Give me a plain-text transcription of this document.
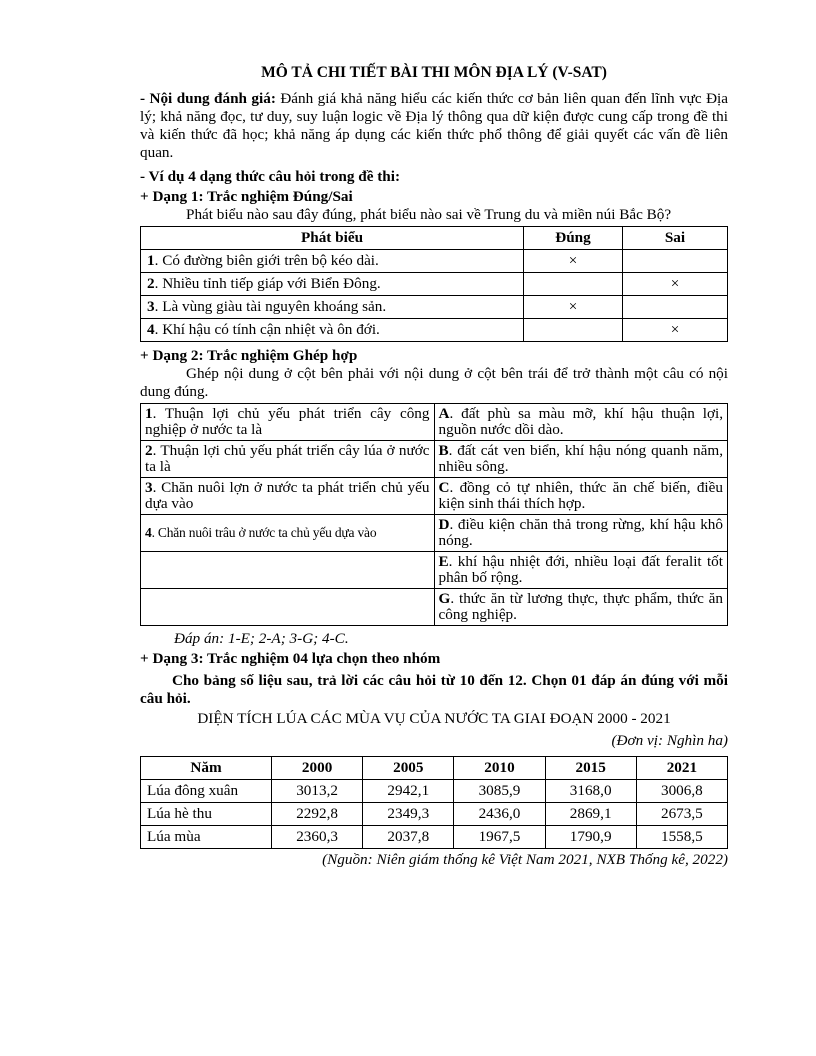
MÔ TẢ CHI TIẾT BÀI THI MÔN ĐỊA LÝ (V-SAT)

- Nội dung đánh giá: Đánh giá khả năng hiểu các kiến thức cơ bản liên quan đến lĩnh vực Địa lý; khả năng đọc, tư duy, suy luận logic về Địa lý thông qua dữ kiện được cung cấp trong đề thi và kiến thức đã học; khả năng áp dụng các kiến thức phổ thông để giải quyết các vấn đề liên quan.

- Ví dụ 4 dạng thức câu hỏi trong đề thi:

+ Dạng 1: Trắc nghiệm Đúng/Sai

Phát biểu nào sau đây đúng, phát biểu nào sai về Trung du và miền núi Bắc Bộ?

Phát biểu	Đúng	Sai
1. Có đường biên giới trên bộ kéo dài.	×	
2. Nhiều tỉnh tiếp giáp với Biển Đông.		×
3. Là vùng giàu tài nguyên khoáng sản.	×	
4. Khí hậu có tính cận nhiệt và ôn đới.		×

+ Dạng 2: Trắc nghiệm Ghép hợp

Ghép nội dung ở cột bên phải với nội dung ở cột bên trái để trở thành một câu có nội dung đúng.

1. Thuận lợi chủ yếu phát triển cây công nghiệp ở nước ta là	A. đất phù sa màu mỡ, khí hậu thuận lợi, nguồn nước dồi dào.
2. Thuận lợi chủ yếu phát triển cây lúa ở nước ta là	B. đất cát ven biển, khí hậu nóng quanh năm, nhiều sông.
3. Chăn nuôi lợn ở nước ta phát triển chủ yếu dựa vào	C. đồng cỏ tự nhiên, thức ăn chế biến, điều kiện sinh thái thích hợp.
4. Chăn nuôi trâu ở nước ta chủ yếu dựa vào	D. điều kiện chăn thả trong rừng, khí hậu khô nóng.
	E. khí hậu nhiệt đới, nhiều loại đất feralit tốt phân bố rộng.
	G. thức ăn từ lương thực, thực phẩm, thức ăn công nghiệp.

Đáp án: 1-E; 2-A; 3-G; 4-C.

+ Dạng 3: Trắc nghiệm 04 lựa chọn theo nhóm

Cho bảng số liệu sau, trả lời các câu hỏi từ 10 đến 12. Chọn 01 đáp án đúng với mỗi câu hỏi.

DIỆN TÍCH LÚA CÁC MÙA VỤ CỦA NƯỚC TA GIAI ĐOẠN 2000 - 2021

(Đơn vị: Nghìn ha)

Năm	2000	2005	2010	2015	2021
Lúa đông xuân	3013,2	2942,1	3085,9	3168,0	3006,8
Lúa hè thu	2292,8	2349,3	2436,0	2869,1	2673,5
Lúa mùa	2360,3	2037,8	1967,5	1790,9	1558,5

(Nguồn: Niên giám thống kê Việt Nam 2021, NXB Thống kê, 2022)
